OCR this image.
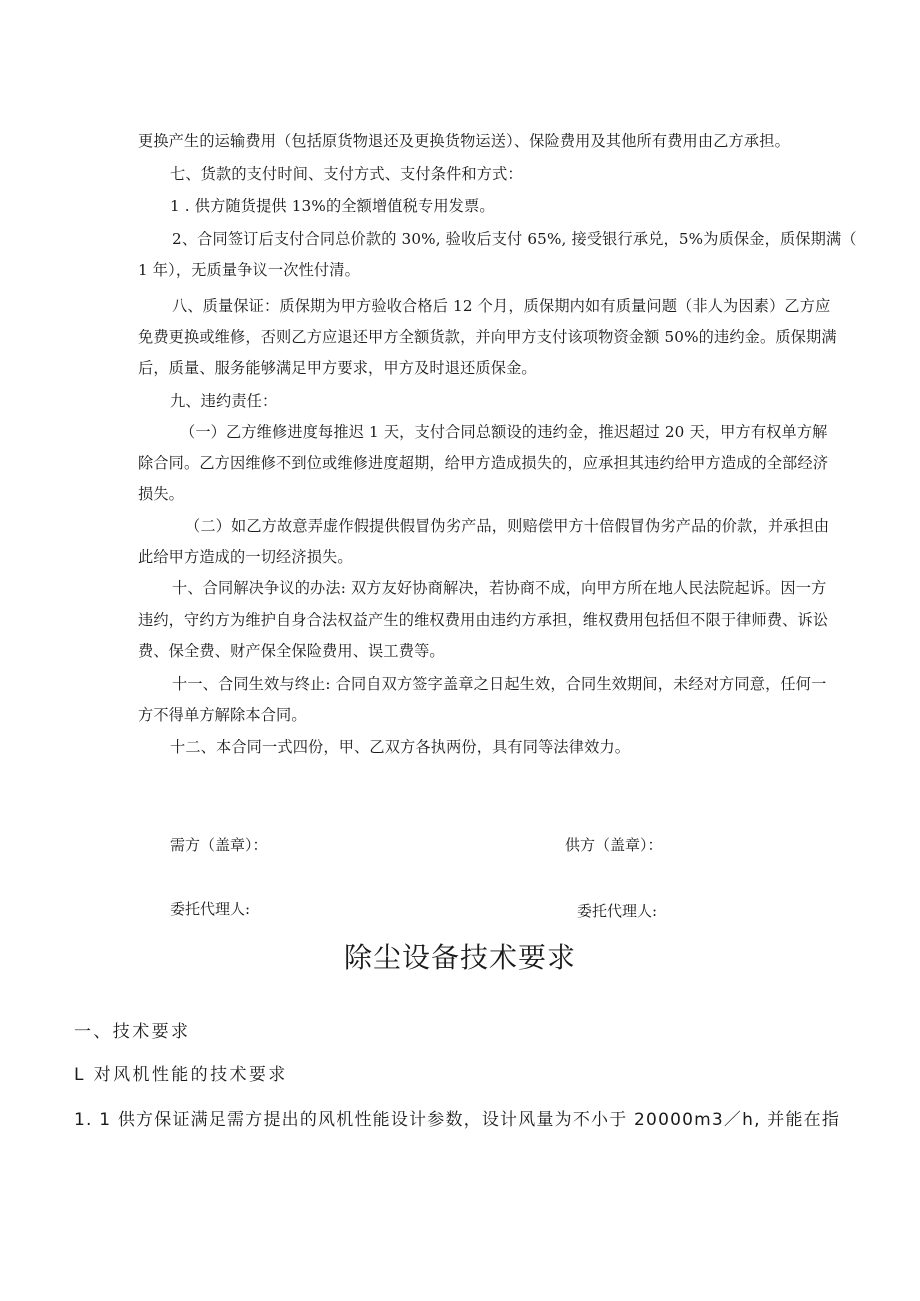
更换产生的运输费用（包括原货物退还及更换货物运送）、保险费用及其他所有费用由乙方承担。
七、货款的支付时间、支付方式、支付条件和方式：
1 . 供方随货提供 13%的全额增值税专用发票。
2、合同签订后支付合同总价款的 30%, 验收后支付 65%, 接受银行承兑，5%为质保金，质保期满（
1 年），无质量争议一次性付清。
八、质量保证：质保期为甲方验收合格后 12 个月，质保期内如有质量问题（非人为因素）乙方应
免费更换或维修，否则乙方应退还甲方全额货款，并向甲方支付该项物资金额 50%的违约金。质保期满
后，质量、服务能够满足甲方要求，甲方及时退还质保金。
九、违约责任：
（一）乙方维修进度每推迟 1 天，支付合同总额设的违约金，推迟超过 20 天，甲方有权单方解
除合同。乙方因维修不到位或维修进度超期，给甲方造成损失的，应承担其违约给甲方造成的全部经济
损失。
（二）如乙方故意弄虚作假提供假冒伪劣产品，则赔偿甲方十倍假冒伪劣产品的价款，并承担由
此给甲方造成的一切经济损失。
十、合同解决争议的办法: 双方友好协商解决，若协商不成，向甲方所在地人民法院起诉。因一方
违约，守约方为维护自身合法权益产生的维权费用由违约方承担，维权费用包括但不限于律师费、诉讼
费、保全费、财产保全保险费用、误工费等。
十一、合同生效与终止: 合同自双方签字盖章之日起生效，合同生效期间，未经对方同意，任何一
方不得单方解除本合同。
十二、本合同一式四份，甲、乙双方各执两份，具有同等法律效力。
需方（盖章）：	供方（盖章）：
委托代理人:	委托代理人:
除尘设备技术要求
一、技术要求
L 对风机性能的技术要求
1. 1 供方保证满足需方提出的风机性能设计参数，设计风量为不小于 20000m3／h, 并能在指
